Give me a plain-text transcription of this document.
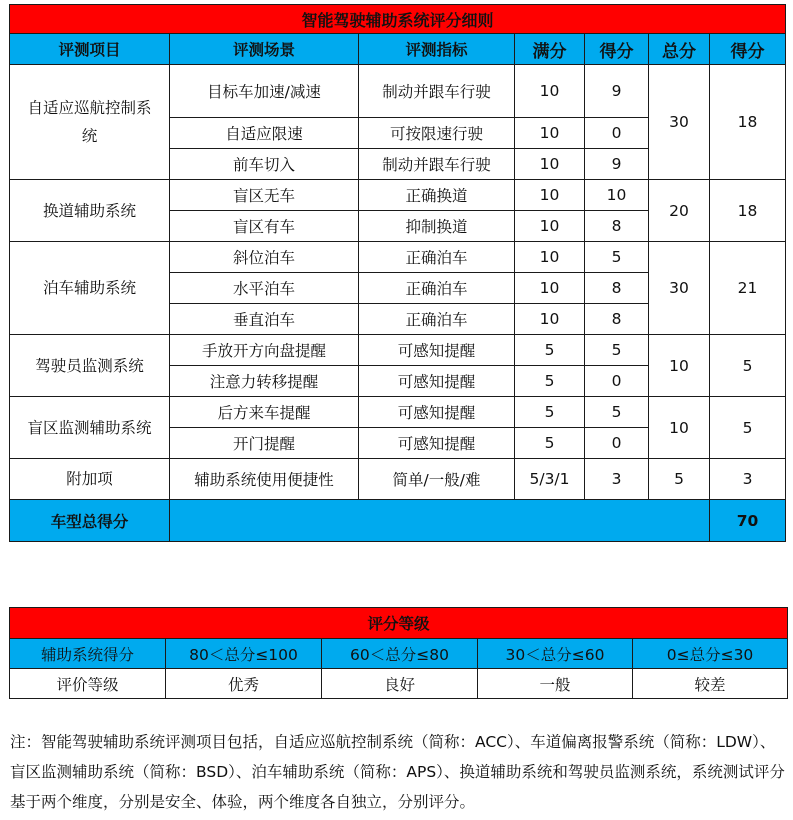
智能驾驶辅助系统评分细则						
评测项目	评测场景	评测指标	满分	得分	总分	得分
自适应巡航控制系统	目标车加速/减速	制动并跟车行驶	10	9	30	18
	自适应限速	可按限速行驶	10	0		
	前车切入	制动并跟车行驶	10	9		
换道辅助系统	盲区无车	正确换道	10	10	20	18
	盲区有车	抑制换道	10	8		
泊车辅助系统	斜位泊车	正确泊车	10	5	30	21
	水平泊车	正确泊车	10	8		
	垂直泊车	正确泊车	10	8		
驾驶员监测系统	手放开方向盘提醒	可感知提醒	5	5	10	5
	注意力转移提醒	可感知提醒	5	0		
盲区监测辅助系统	后方来车提醒	可感知提醒	5	5	10	5
	开门提醒	可感知提醒	5	0		
附加项	辅助系统使用便捷性	简单/一般/难	5/3/1	3	5	3
车型总得分						70
评分等级				
辅助系统得分	80＜总分≤100	60＜总分≤80	30＜总分≤60	0≤总分≤30
评价等级	优秀	良好	一般	较差

注：智能驾驶辅助系统评测项目包括，自适应巡航控制系统（简称：ACC）、车道偏离报警系统（简称：LDW）、盲区监测辅助系统（简称：BSD）、泊车辅助系统（简称：APS）、换道辅助系统和驾驶员监测系统，系统测试评分基于两个维度，分别是安全、体验，两个维度各自独立，分别评分。
